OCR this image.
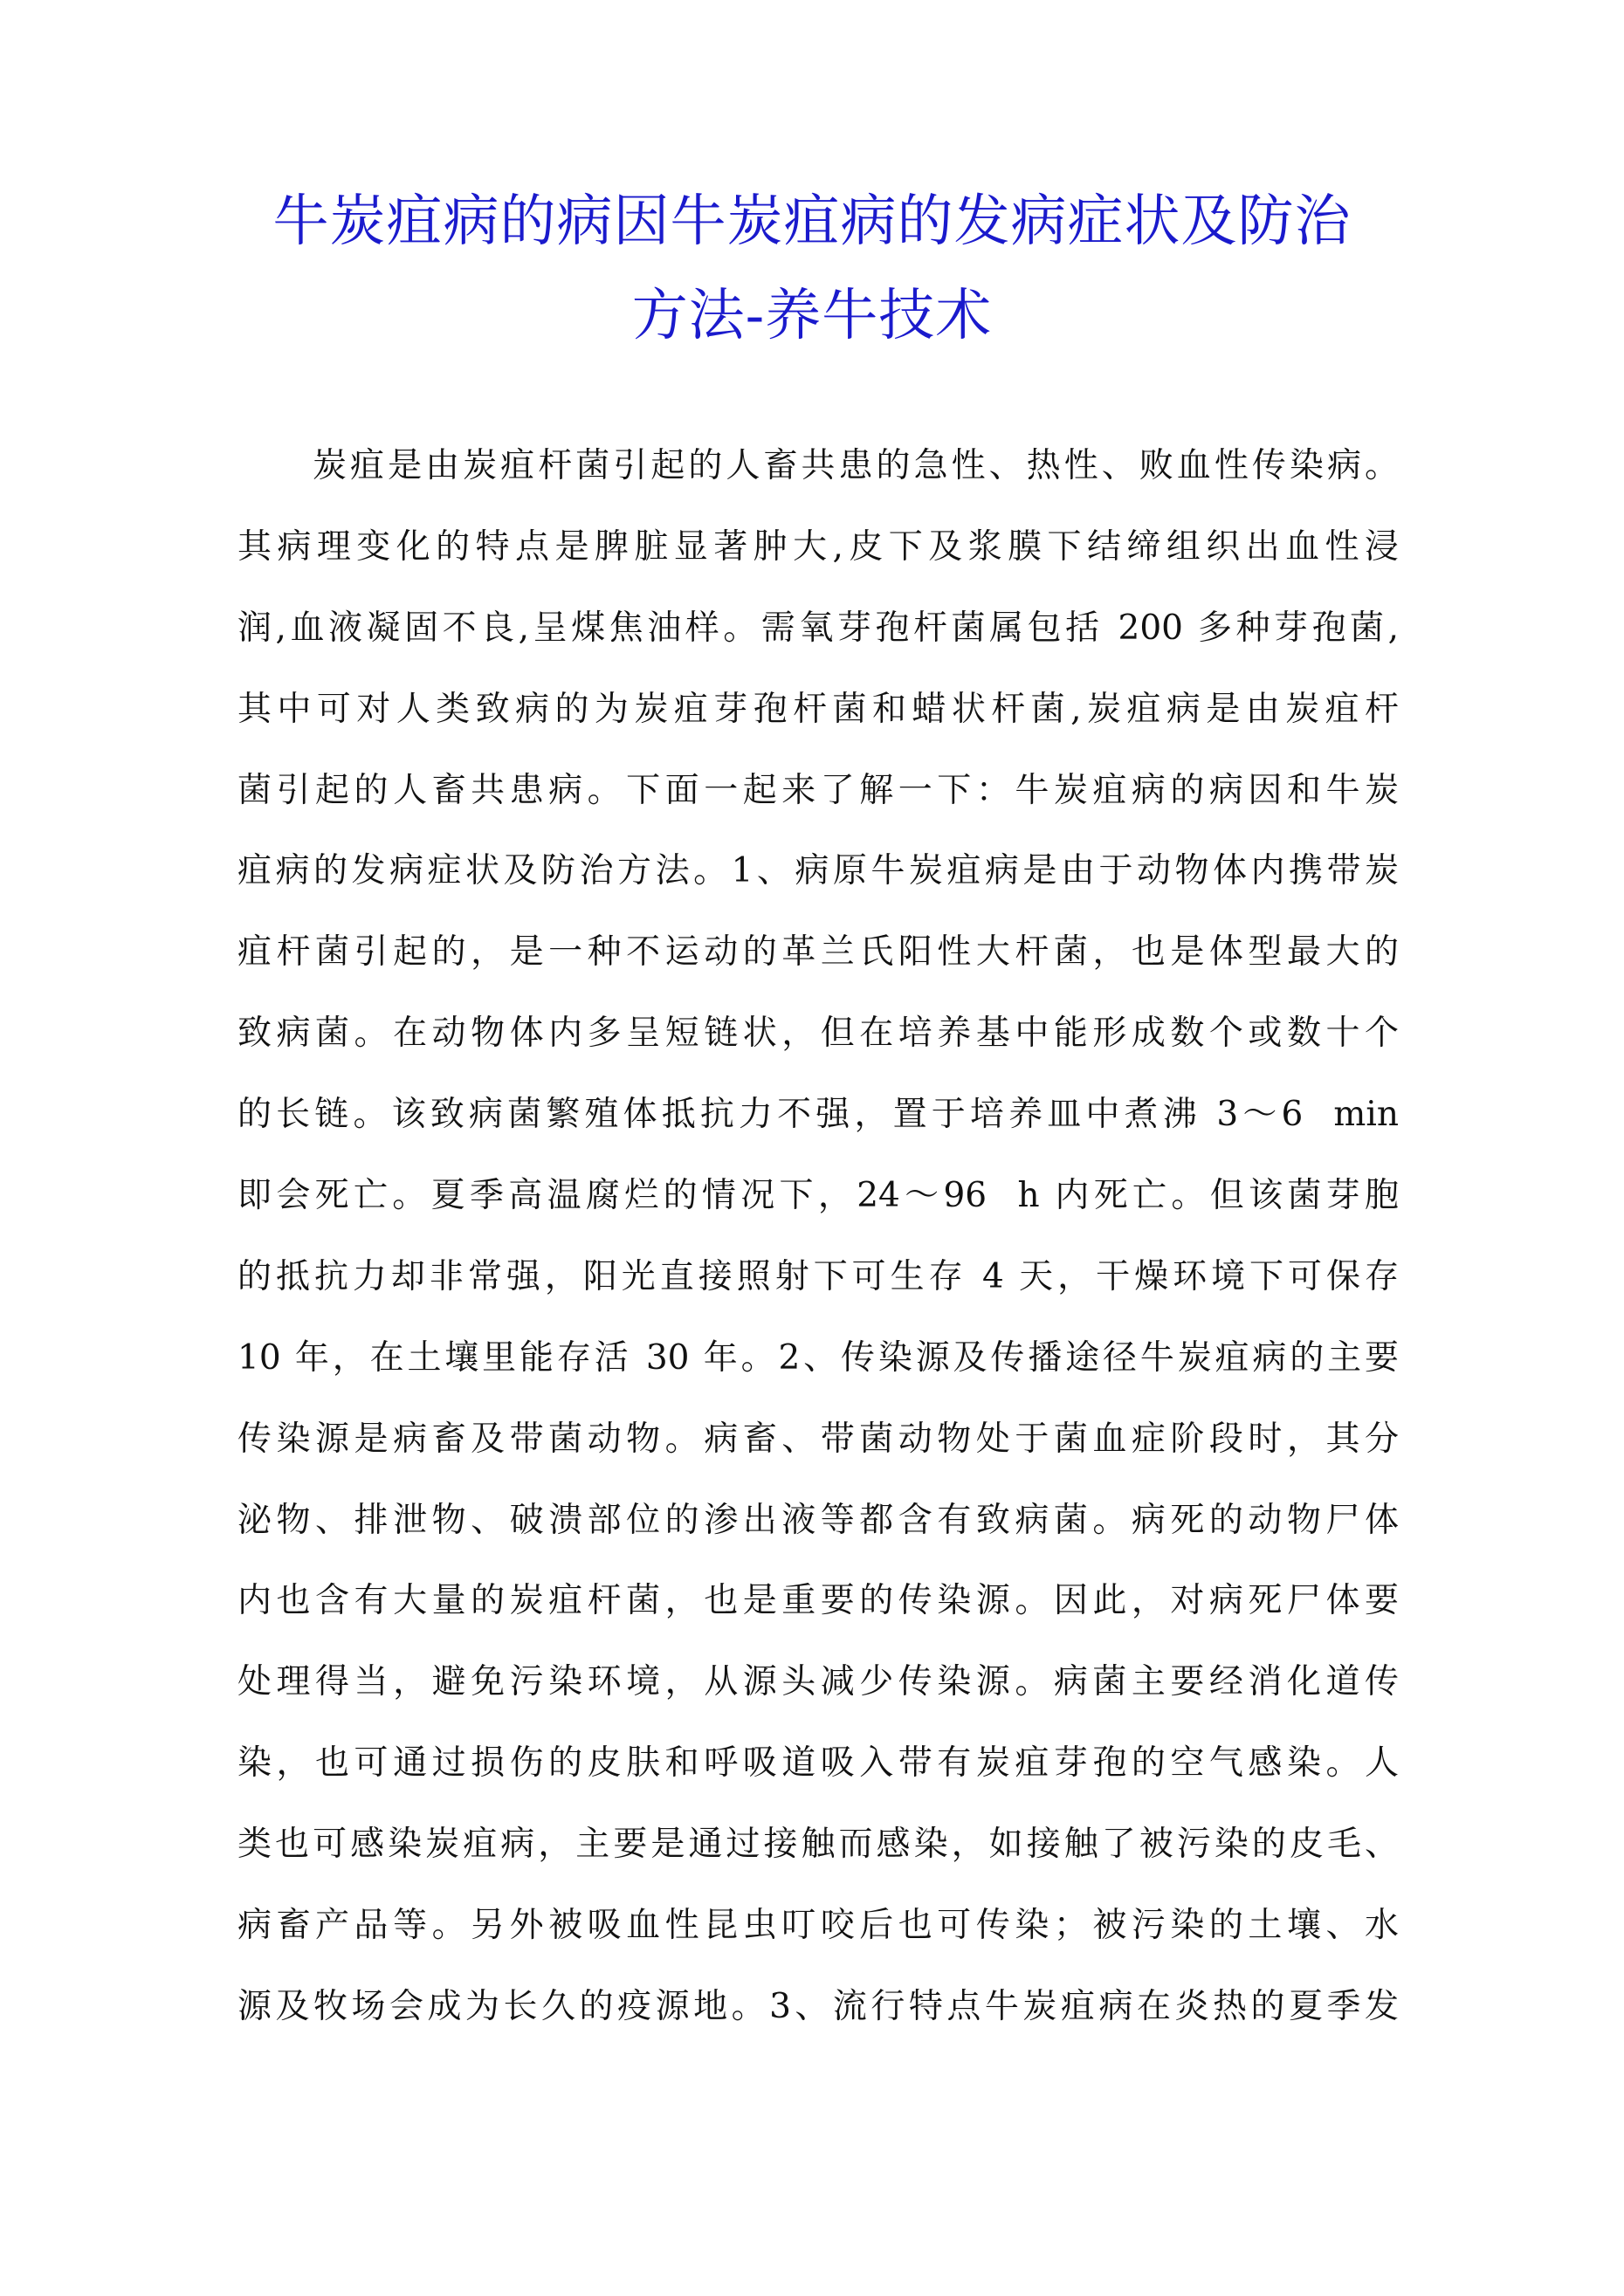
牛炭疽病的病因牛炭疽病的发病症状及防治
方法-养牛技术
炭疽是由炭疽杆菌引起的人畜共患的急性、热性、败血性传染病。
其病理变化的特点是脾脏显著肿大,皮下及浆膜下结缔组织出血性浸
润,血液凝固不良,呈煤焦油样。需氧芽孢杆菌属包括 200 多种芽孢菌,
其中可对人类致病的为炭疽芽孢杆菌和蜡状杆菌,炭疽病是由炭疽杆
菌引起的人畜共患病。下面一起来了解一下：牛炭疽病的病因和牛炭
疽病的发病症状及防治方法。1、病原牛炭疽病是由于动物体内携带炭
疽杆菌引起的，是一种不运动的革兰氏阳性大杆菌，也是体型最大的
致病菌。在动物体内多呈短链状，但在培养基中能形成数个或数十个
的长链。该致病菌繁殖体抵抗力不强，置于培养皿中煮沸 3～6  min
即会死亡。夏季高温腐烂的情况下，24～96  h 内死亡。但该菌芽胞
的抵抗力却非常强，阳光直接照射下可生存 4 天，干燥环境下可保存
10 年，在土壤里能存活 30 年。2、传染源及传播途径牛炭疽病的主要
传染源是病畜及带菌动物。病畜、带菌动物处于菌血症阶段时，其分
泌物、排泄物、破溃部位的渗出液等都含有致病菌。病死的动物尸体
内也含有大量的炭疽杆菌，也是重要的传染源。因此，对病死尸体要
处理得当，避免污染环境，从源头减少传染源。病菌主要经消化道传
染，也可通过损伤的皮肤和呼吸道吸入带有炭疽芽孢的空气感染。人
类也可感染炭疽病，主要是通过接触而感染，如接触了被污染的皮毛、
病畜产品等。另外被吸血性昆虫叮咬后也可传染；被污染的土壤、水
源及牧场会成为长久的疫源地。3、流行特点牛炭疽病在炎热的夏季发
